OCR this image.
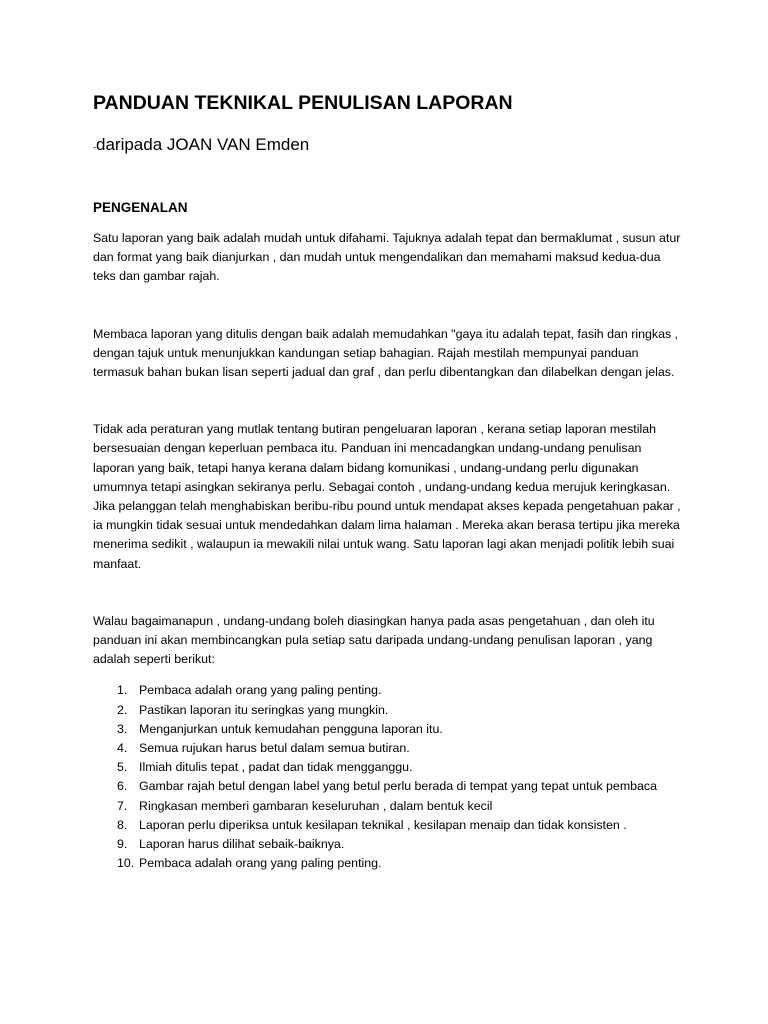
PANDUAN TEKNIKAL PENULISAN LAPORAN
-daripada JOAN VAN Emden
PENGENALAN

Satu laporan yang baik adalah mudah untuk difahami. Tajuknya adalah tepat dan bermaklumat , susun atur dan format yang baik dianjurkan , dan mudah untuk mengendalikan dan memahami maksud kedua-dua teks dan gambar rajah.

Membaca laporan yang ditulis dengan baik adalah memudahkan "gaya itu adalah tepat, fasih dan ringkas , dengan tajuk untuk menunjukkan kandungan setiap bahagian. Rajah mestilah mempunyai panduan termasuk bahan bukan lisan seperti jadual dan graf , dan perlu dibentangkan dan dilabelkan dengan jelas.

Tidak ada peraturan yang mutlak tentang butiran pengeluaran laporan , kerana setiap laporan mestilah bersesuaian dengan keperluan pembaca itu. Panduan ini mencadangkan undang-undang penulisan laporan yang baik, tetapi hanya kerana dalam bidang komunikasi , undang-undang perlu digunakan umumnya tetapi asingkan sekiranya perlu. Sebagai contoh , undang-undang kedua merujuk keringkasan. Jika pelanggan telah menghabiskan beribu-ribu pound untuk mendapat akses kepada pengetahuan pakar , ia mungkin tidak sesuai untuk mendedahkan dalam lima halaman . Mereka akan berasa tertipu jika mereka menerima sedikit , walaupun ia mewakili nilai untuk wang. Satu laporan lagi akan menjadi politik lebih suai manfaat.

Walau bagaimanapun , undang-undang boleh diasingkan hanya pada asas pengetahuan , dan oleh itu panduan ini akan membincangkan pula setiap satu daripada undang-undang penulisan laporan , yang adalah seperti berikut:

1. Pembaca adalah orang yang paling penting.
2. Pastikan laporan itu seringkas yang mungkin.
3. Menganjurkan untuk kemudahan pengguna laporan itu.
4. Semua rujukan harus betul dalam semua butiran.
5. Ilmiah ditulis tepat , padat dan tidak mengganggu.
6. Gambar rajah betul dengan label yang betul perlu berada di tempat yang tepat untuk pembaca
7. Ringkasan memberi gambaran keseluruhan , dalam bentuk kecil
8. Laporan perlu diperiksa untuk kesilapan teknikal , kesilapan menaip dan tidak konsisten .
9. Laporan harus dilihat sebaik-baiknya.
10. Pembaca adalah orang yang paling penting.
